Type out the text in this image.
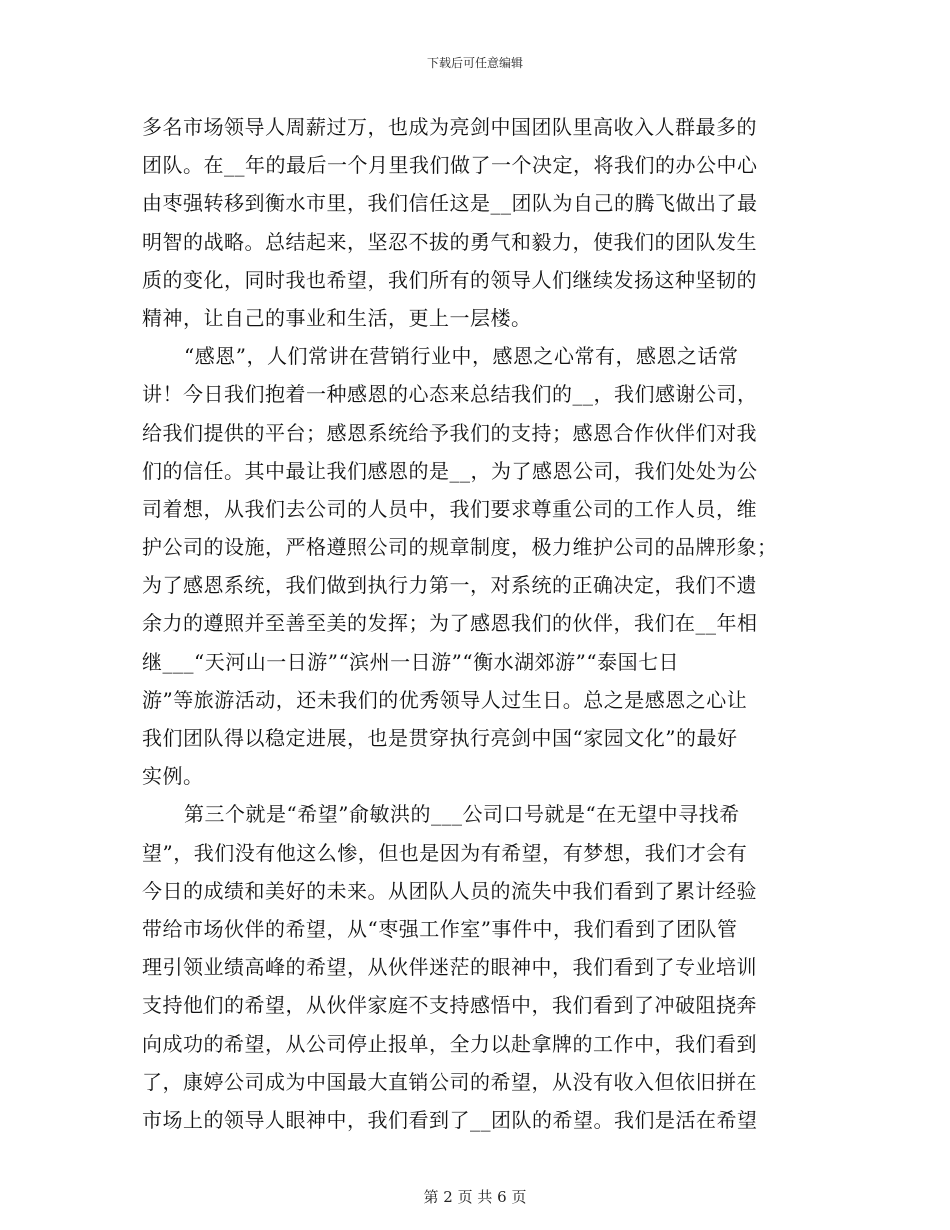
下载后可任意编辑
多名市场领导人周薪过万，也成为亮剑中国团队里高收入人群最多的
团队。在__年的最后一个月里我们做了一个决定，将我们的办公中心
由枣强转移到衡水市里，我们信任这是__团队为自己的腾飞做出了最
明智的战略。总结起来，坚忍不拔的勇气和毅力，使我们的团队发生
质的变化，同时我也希望，我们所有的领导人们继续发扬这种坚韧的
精神，让自己的事业和生活，更上一层楼。
“感恩”，人们常讲在营销行业中，感恩之心常有，感恩之话常
讲！今日我们抱着一种感恩的心态来总结我们的__，我们感谢公司，
给我们提供的平台；感恩系统给予我们的支持；感恩合作伙伴们对我
们的信任。其中最让我们感恩的是__，为了感恩公司，我们处处为公
司着想，从我们去公司的人员中，我们要求尊重公司的工作人员，维
护公司的设施，严格遵照公司的规章制度，极力维护公司的品牌形象；
为了感恩系统，我们做到执行力第一，对系统的正确决定，我们不遗
余力的遵照并至善至美的发挥；为了感恩我们的伙伴，我们在__年相
继___“天河山一日游”“滨州一日游”“衡水湖郊游”“泰国七日
游”等旅游活动，还未我们的优秀领导人过生日。总之是感恩之心让
我们团队得以稳定进展，也是贯穿执行亮剑中国“家园文化”的最好
实例。
第三个就是“希望”俞敏洪的___公司口号就是“在无望中寻找希
望”，我们没有他这么惨，但也是因为有希望，有梦想，我们才会有
今日的成绩和美好的未来。从团队人员的流失中我们看到了累计经验
带给市场伙伴的希望，从“枣强工作室”事件中，我们看到了团队管
理引领业绩高峰的希望，从伙伴迷茫的眼神中，我们看到了专业培训
支持他们的希望，从伙伴家庭不支持感悟中，我们看到了冲破阻挠奔
向成功的希望，从公司停止报单，全力以赴拿牌的工作中，我们看到
了，康婷公司成为中国最大直销公司的希望，从没有收入但依旧拼在
市场上的领导人眼神中，我们看到了__团队的希望。我们是活在希望
第 2 页 共 6 页
